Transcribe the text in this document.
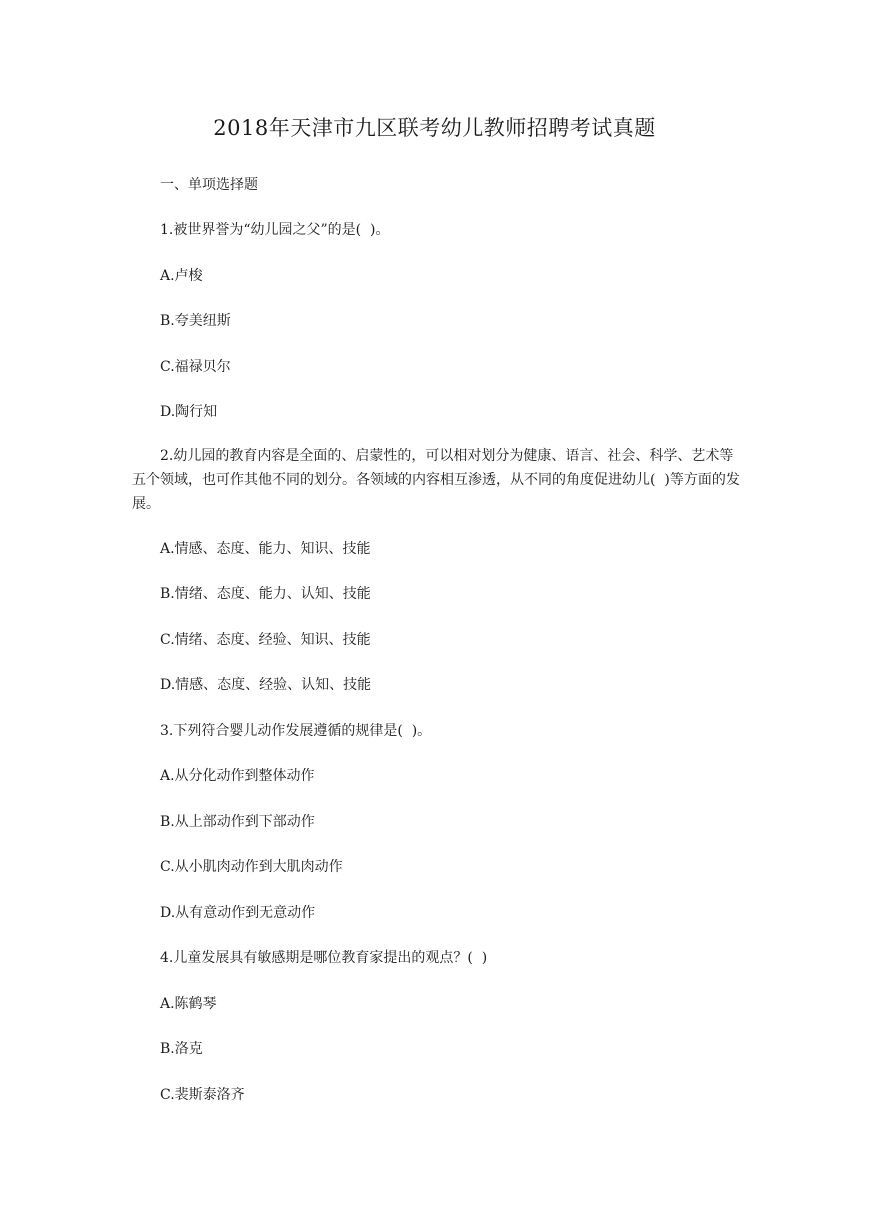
2018年天津市九区联考幼儿教师招聘考试真题

一、单项选择题

1.被世界誉为“幼儿园之父”的是(  )。

A.卢梭

B.夸美纽斯

C.福禄贝尔

D.陶行知

2.幼儿园的教育内容是全面的、启蒙性的，可以相对划分为健康、语言、社会、科学、艺术等五个领域，也可作其他不同的划分。各领域的内容相互渗透，从不同的角度促进幼儿(  )等方面的发展。

A.情感、态度、能力、知识、技能

B.情绪、态度、能力、认知、技能

C.情绪、态度、经验、知识、技能

D.情感、态度、经验、认知、技能

3.下列符合婴儿动作发展遵循的规律是(  )。

A.从分化动作到整体动作

B.从上部动作到下部动作

C.从小肌肉动作到大肌肉动作

D.从有意动作到无意动作

4.儿童发展具有敏感期是哪位教育家提出的观点？(  )

A.陈鹤琴

B.洛克

C.裴斯泰洛齐
